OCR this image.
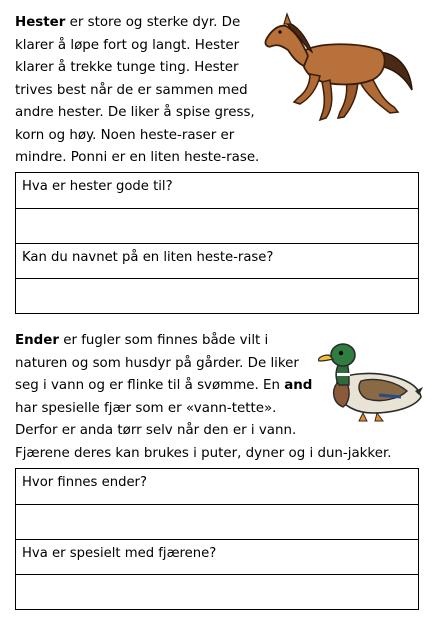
Hester er store og sterke dyr. De
klarer å løpe fort og langt. Hester
klarer å trekke tunge ting. Hester
trives best når de er sammen med
andre hester. De liker å spise gress,
korn og høy. Noen heste-raser er
mindre. Ponni er en liten heste-rase.

Hva er hester gode til?
Kan du navnet på en liten heste-rase?

Ender er fugler som finnes både vilt i
naturen og som husdyr på gårder. De liker
seg i vann og er flinke til å svømme. En and
har spesielle fjær som er «vann-tette».
Derfor er anda tørr selv når den er i vann.
Fjærene deres kan brukes i puter, dyner og i dun-jakker.

Hvor finnes ender?
Hva er spesielt med fjærene?
